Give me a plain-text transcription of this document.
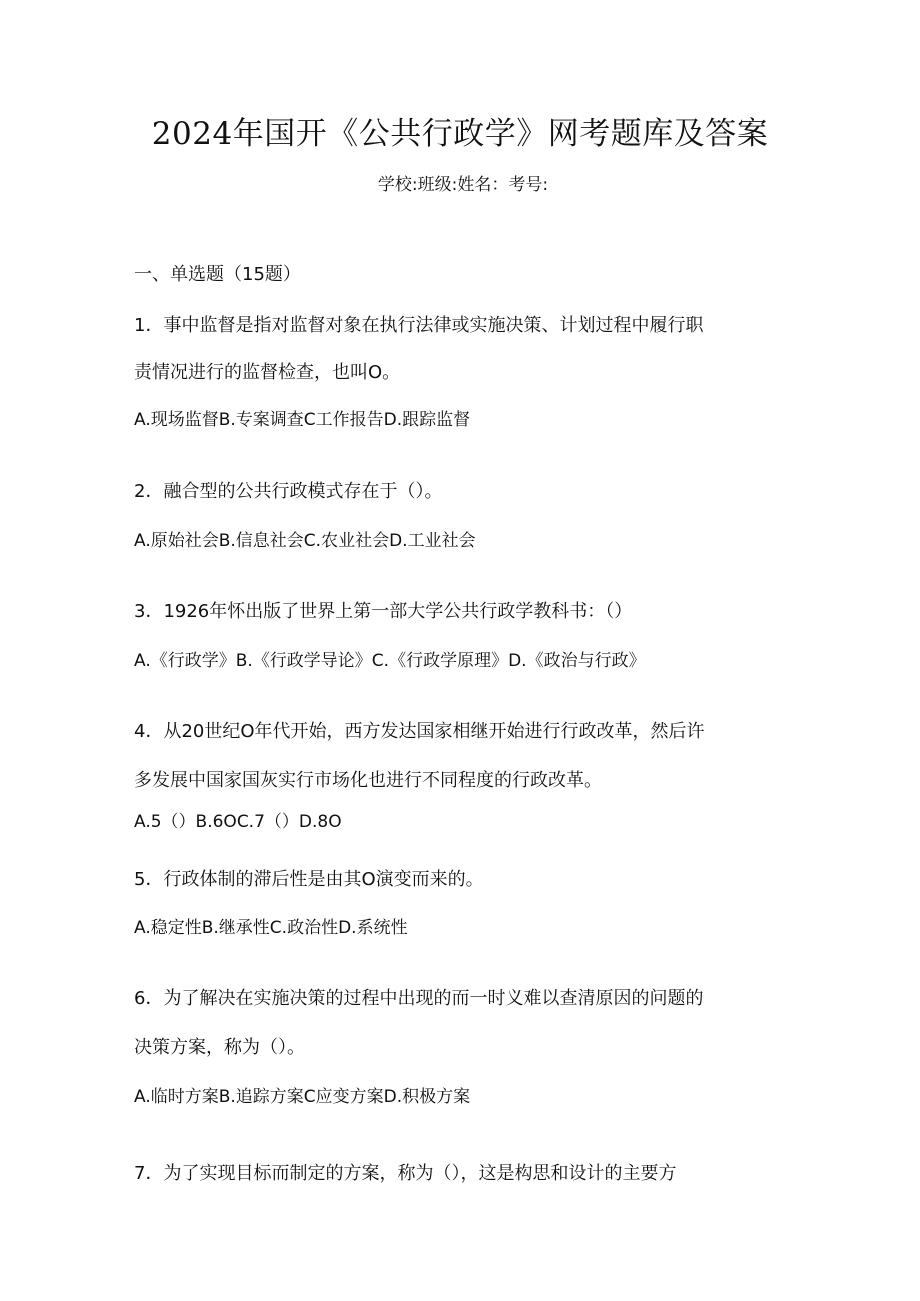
2024年国开《公共行政学》网考题库及答案
学校:班级:姓名：考号:
一、单选题（15题）
1．事中监督是指对监督对象在执行法律或实施决策、计划过程中履行职
责情况进行的监督检查，也叫O。
A.现场监督B.专案调查C工作报告D.跟踪监督
2．融合型的公共行政模式存在于（）。
A.原始社会B.信息社会C.农业社会D.工业社会
3．1926年怀出版了世界上第一部大学公共行政学教科书：（）
A.《行政学》B.《行政学导论》C.《行政学原理》D.《政治与行政》
4．从20世纪O年代开始，西方发达国家相继开始进行行政改革，然后许
多发展中国家国灰实行市场化也进行不同程度的行政改革。
A.5（）B.6OC.7（）D.8O
5．行政体制的滞后性是由其O演变而来的。
A.稳定性B.继承性C.政治性D.系统性
6．为了解决在实施决策的过程中出现的而一时义难以查清原因的问题的
决策方案，称为（）。
A.临时方案B.追踪方案C应变方案D.积极方案
7．为了实现目标而制定的方案，称为（），这是构思和设计的主要方
